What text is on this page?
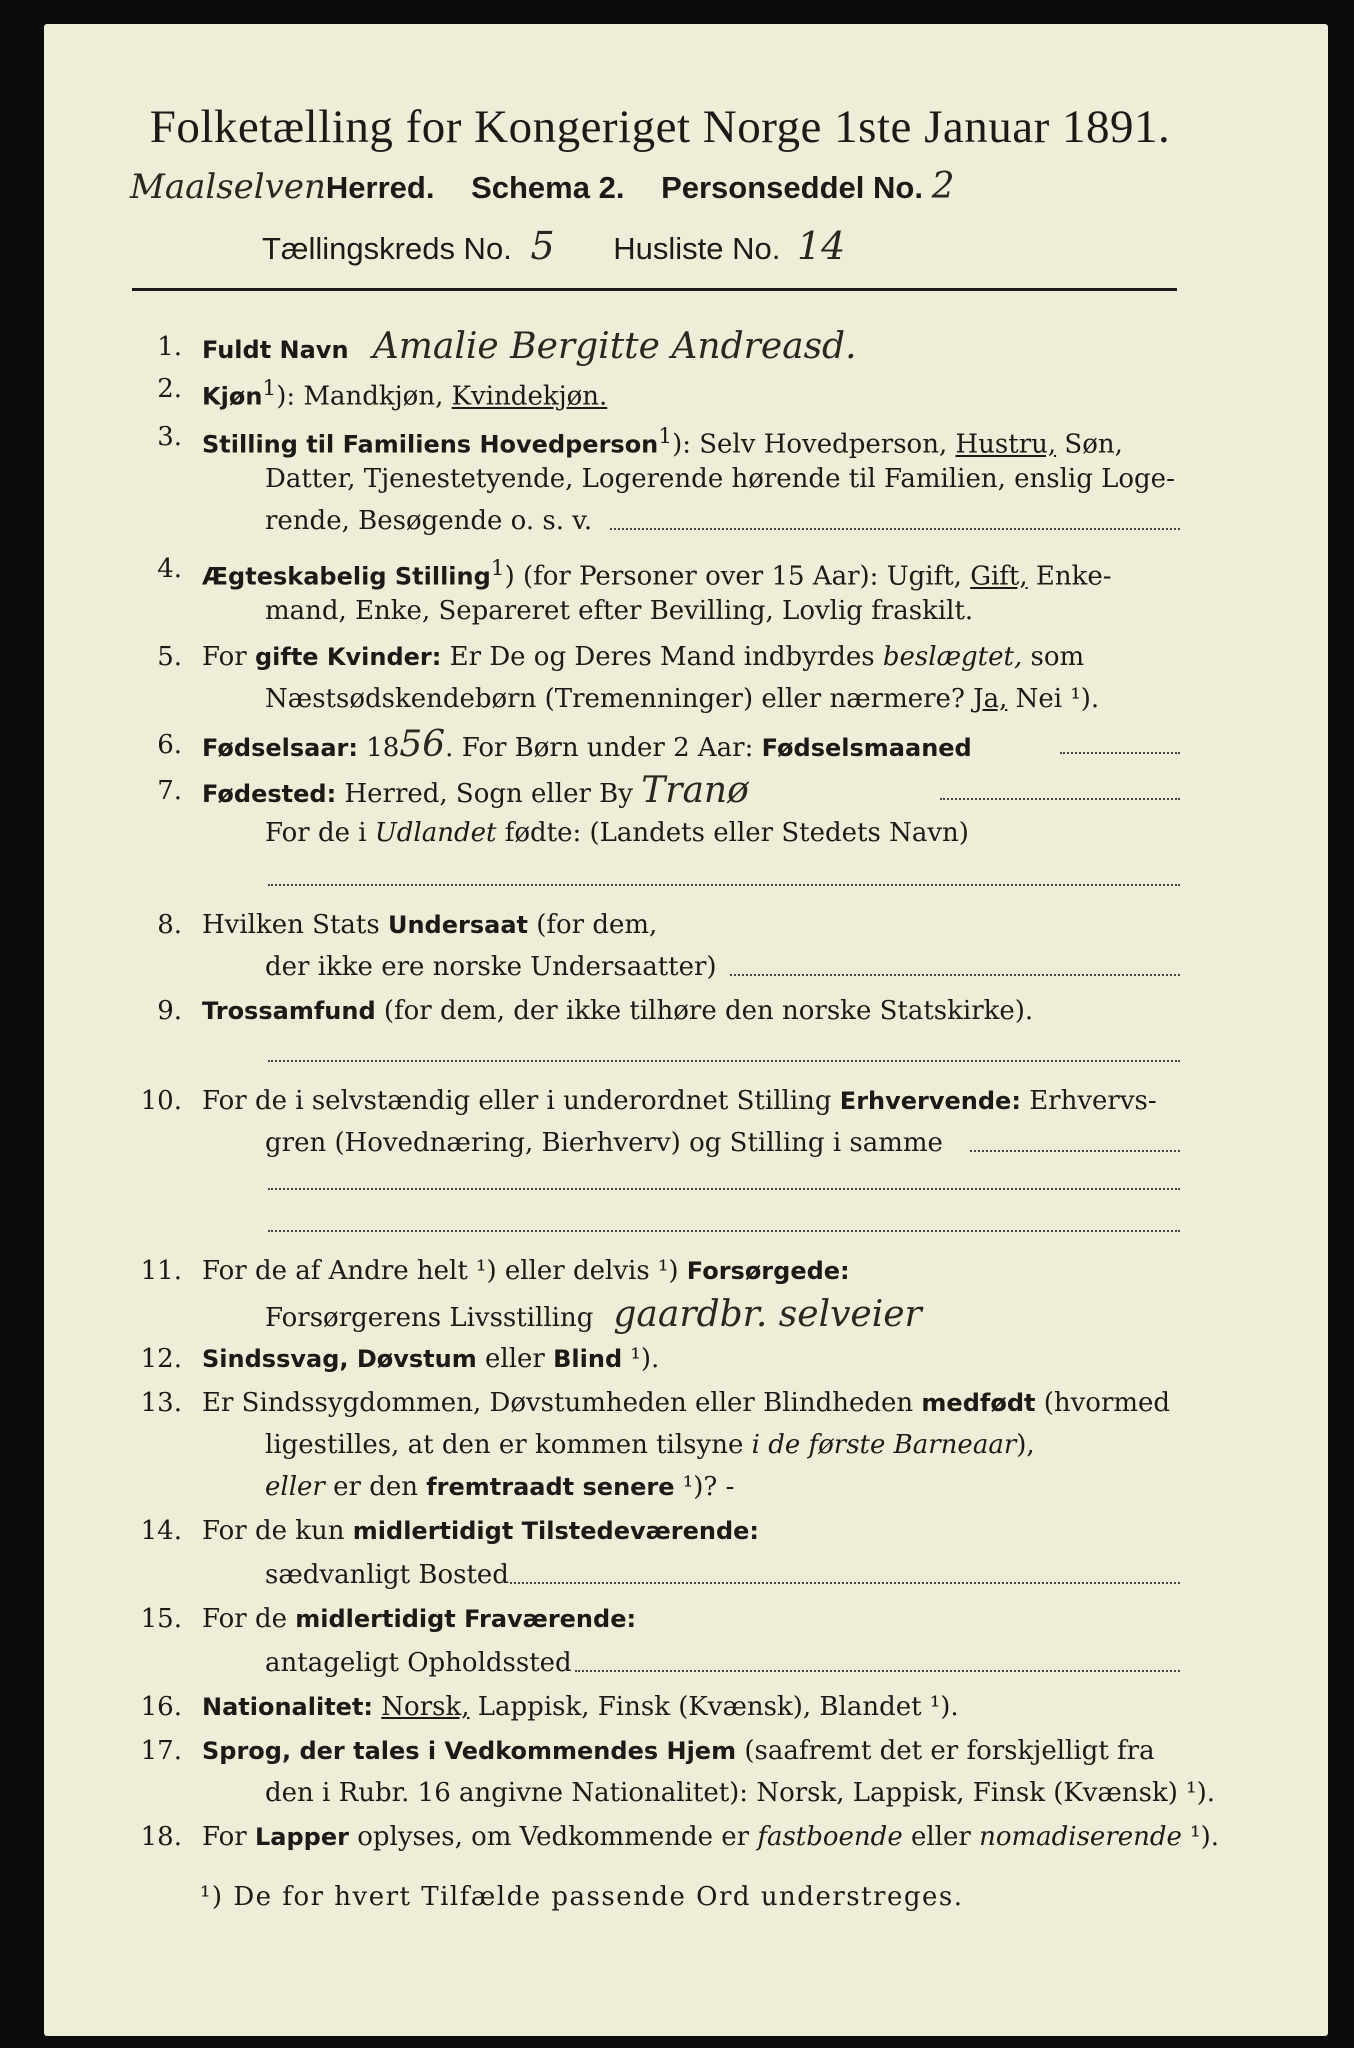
Folketælling for Kongeriget Norge 1ste Januar 1891.
MaalselvenHerred. Schema 2. Personseddel No. 2
Tællingskreds No. 5 Husliste No. 14
1. Fuldt Navn Amalie Bergitte Andreasd.
2. Kjøn$^1$): Mandkjøn, Kvindekjøn.
3. Stilling til Familiens Hovedperson$^1$): Selv Hovedperson, Hustru, Søn,
Datter, Tjenestetyende, Logerende hørende til Familien, enslig Loge-
rende, Besøgende o. s. v.
4. Ægteskabelig Stilling$^1$) (for Personer over 15 Aar): Ugift, Gift, Enke-
mand, Enke, Separeret efter Bevilling, Lovlig fraskilt.
5. For gifte Kvinder: Er De og Deres Mand indbyrdes beslægtet, som
Næstsødskendebørn (Tremenninger) eller nærmere? Ja, Nei ¹).
6. Fødselsaar: 1856. For Børn under 2 Aar: Fødselsmaaned
7. Fødested: Herred, Sogn eller By Tranø
For de i Udlandet fødte: (Landets eller Stedets Navn)
8. Hvilken Stats Undersaat (for dem,
der ikke ere norske Undersaatter)
9. Trossamfund (for dem, der ikke tilhøre den norske Statskirke).
10. For de i selvstændig eller i underordnet Stilling Erhvervende: Erhvervs-
gren (Hovednæring, Bierhverv) og Stilling i samme
11. For de af Andre helt ¹) eller delvis ¹) Forsørgede:
Forsørgerens Livsstilling gaardbr. selveier
12. Sindssvag, Døvstum eller Blind ¹).
13. Er Sindssygdommen, Døvstumheden eller Blindheden medfødt (hvormed
ligestilles, at den er kommen tilsyne i de første Barneaar),
eller er den fremtraadt senere ¹)? -
14. For de kun midlertidigt Tilstedeværende:
sædvanligt Bosted
15. For de midlertidigt Fraværende:
antageligt Opholdssted
16. Nationalitet: Norsk, Lappisk, Finsk (Kvænsk), Blandet ¹).
17. Sprog, der tales i Vedkommendes Hjem (saafremt det er forskjelligt fra
den i Rubr. 16 angivne Nationalitet): Norsk, Lappisk, Finsk (Kvænsk) ¹).
18. For Lapper oplyses, om Vedkommende er fastboende eller nomadiserende ¹).
¹) De for hvert Tilfælde passende Ord understreges.
